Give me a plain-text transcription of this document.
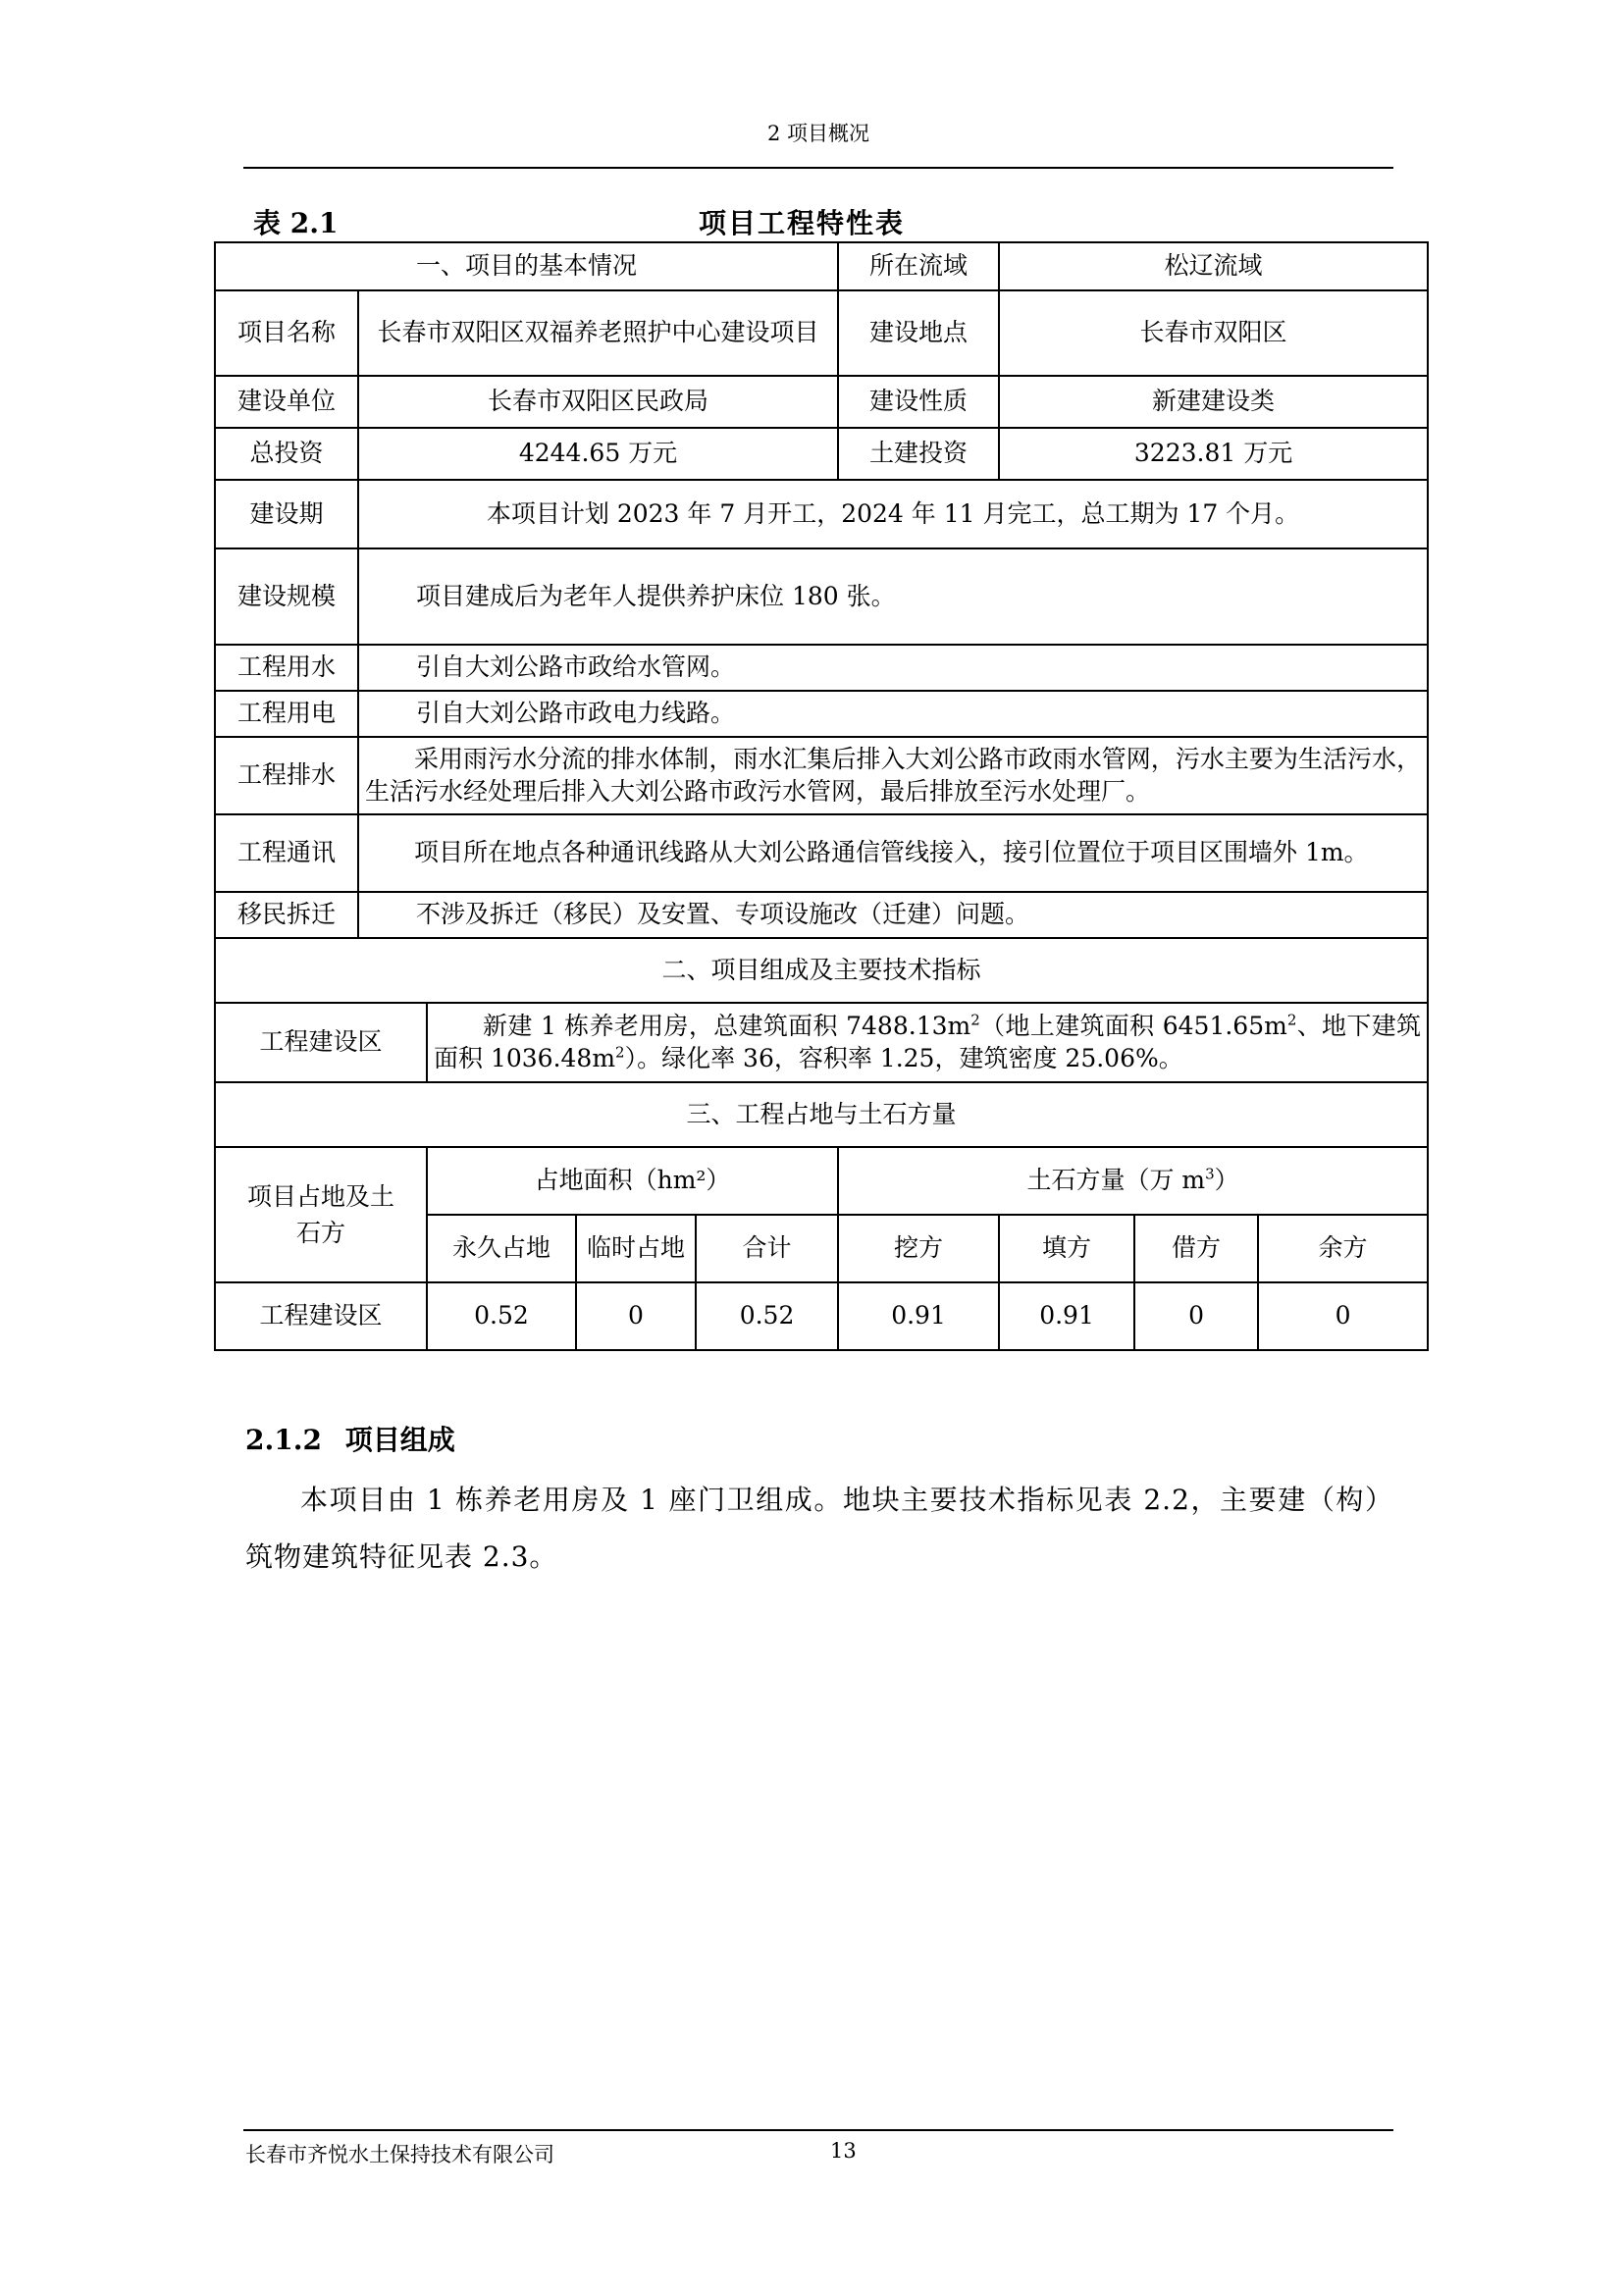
2 项目概况
表 2.1	项目工程特性表
一、项目的基本情况					所在流域	松辽流域		
项目名称	长春市双阳区双福养老照护中心建设项目				建设地点	长春市双阳区		
建设单位	长春市双阳区民政局				建设性质	新建建设类		
总投资	4244.65 万元				土建投资	3223.81 万元		
建设期	本项目计划 2023 年 7 月开工，2024 年 11 月完工，总工期为 17 个月。							
建设规模	项目建成后为老年人提供养护床位 180 张。							
工程用水	引自大刘公路市政给水管网。							
工程用电	引自大刘公路市政电力线路。							
工程排水	采用雨污水分流的排水体制，雨水汇集后排入大刘公路市政雨水管网，污水主要为生活污水，生活污水经处理后排入大刘公路市政污水管网，最后排放至污水处理厂。							
工程通讯	项目所在地点各种通讯线路从大刘公路通信管线接入，接引位置位于项目区围墙外 1m。							
移民拆迁	不涉及拆迁（移民）及安置、专项设施改（迁建）问题。							
二、项目组成及主要技术指标								
工程建设区		新建 1 栋养老用房，总建筑面积 $7488.13m^2$（地上建筑面积 $6451.65m^2$、地下建筑面积 $1036.48m^2$）。绿化率 36，容积率 1.25，建筑密度 25.06%。						
三、工程占地与土石方量								
项目占地及土石方		占地面积（hm²）			土石方量（万 $m^3$）			
		永久占地	临时占地	合计	挖方	填方	借方	余方
工程建设区		0.52	0	0.52	0.91	0.91	0	0
2.1.2 项目组成
本项目由 1 栋养老用房及 1 座门卫组成。地块主要技术指标见表 2.2，主要建（构）筑物建筑特征见表 2.3。
长春市齐悦水土保持技术有限公司	13
